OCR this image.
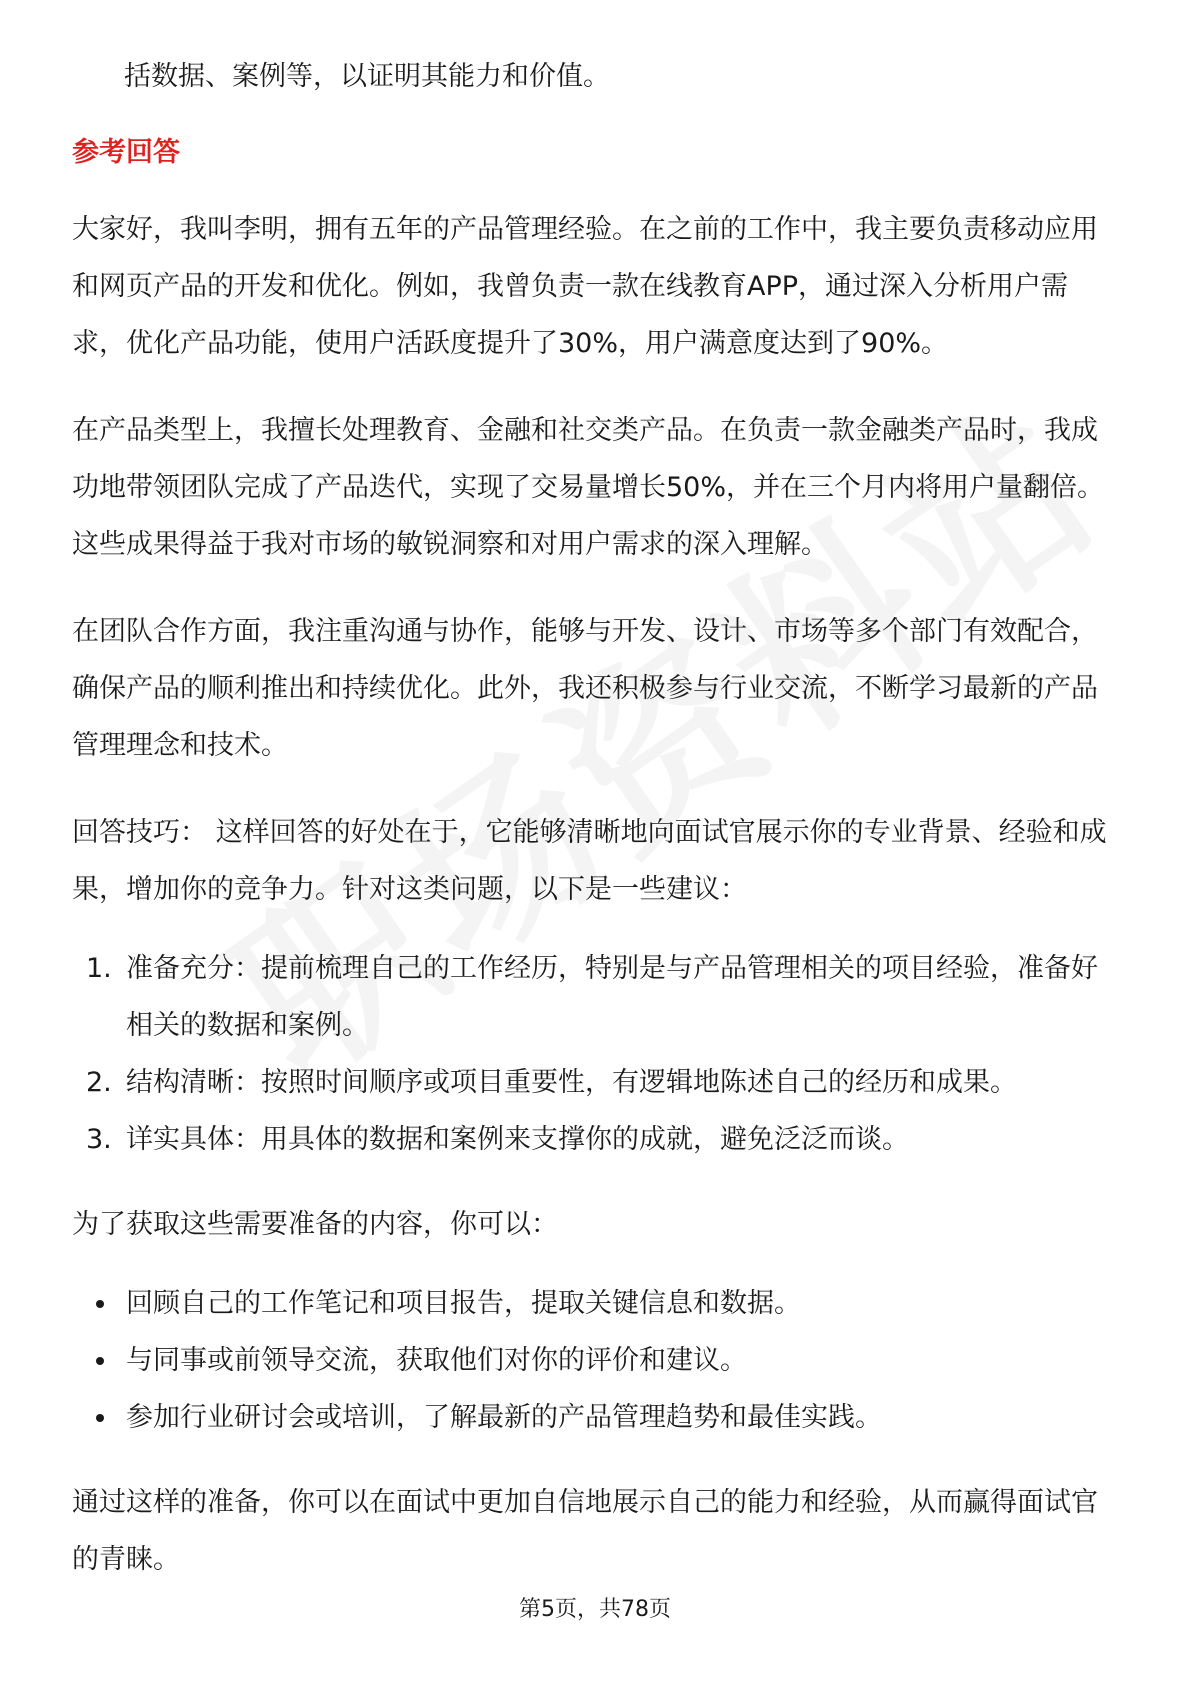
括数据、案例等，以证明其能力和价值。
参考回答
大家好，我叫李明，拥有五年的产品管理经验。在之前的工作中，我主要负责移动应用和网页产品的开发和优化。例如，我曾负责一款在线教育APP，通过深入分析用户需求，优化产品功能，使用户活跃度提升了30%，用户满意度达到了90%。
在产品类型上，我擅长处理教育、金融和社交类产品。在负责一款金融类产品时，我成功地带领团队完成了产品迭代，实现了交易量增长50%，并在三个月内将用户量翻倍。这些成果得益于我对市场的敏锐洞察和对用户需求的深入理解。
在团队合作方面，我注重沟通与协作，能够与开发、设计、市场等多个部门有效配合，确保产品的顺利推出和持续优化。此外，我还积极参与行业交流，不断学习最新的产品管理理念和技术。
回答技巧： 这样回答的好处在于，它能够清晰地向面试官展示你的专业背景、经验和成果，增加你的竞争力。针对这类问题，以下是一些建议：
1. 准备充分：提前梳理自己的工作经历，特别是与产品管理相关的项目经验，准备好相关的数据和案例。
2. 结构清晰：按照时间顺序或项目重要性，有逻辑地陈述自己的经历和成果。
3. 详实具体：用具体的数据和案例来支撑你的成就，避免泛泛而谈。
为了获取这些需要准备的内容，你可以：
回顾自己的工作笔记和项目报告，提取关键信息和数据。
与同事或前领导交流，获取他们对你的评价和建议。
参加行业研讨会或培训，了解最新的产品管理趋势和最佳实践。
通过这样的准备，你可以在面试中更加自信地展示自己的能力和经验，从而赢得面试官的青睐。
第5页，共78页
